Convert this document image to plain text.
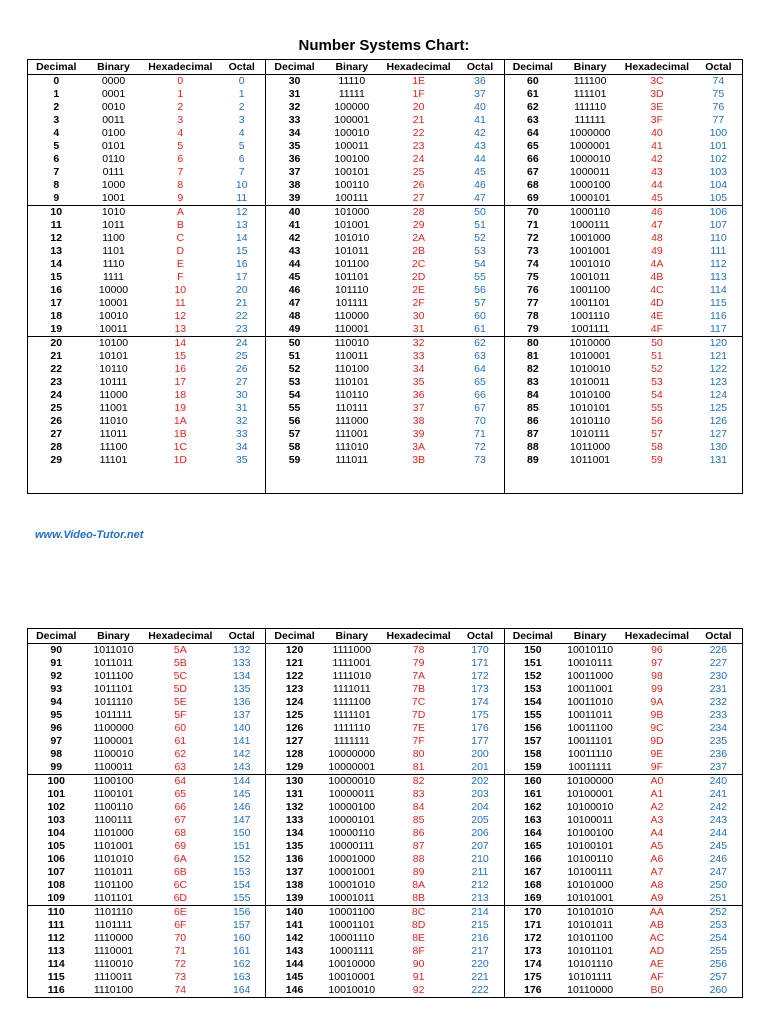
Number Systems Chart:
Decimal	Binary	Hexadecimal	Octal	Decimal	Binary	Hexadecimal	Octal	Decimal	Binary	Hexadecimal	Octal
0	0000	0	0	30	11110	1E	36	60	111100	3C	74
1	0001	1	1	31	11111	1F	37	61	111101	3D	75
2	0010	2	2	32	100000	20	40	62	111110	3E	76
3	0011	3	3	33	100001	21	41	63	111111	3F	77
4	0100	4	4	34	100010	22	42	64	1000000	40	100
5	0101	5	5	35	100011	23	43	65	1000001	41	101
6	0110	6	6	36	100100	24	44	66	1000010	42	102
7	0111	7	7	37	100101	25	45	67	1000011	43	103
8	1000	8	10	38	100110	26	46	68	1000100	44	104
9	1001	9	11	39	100111	27	47	69	1000101	45	105
10	1010	A	12	40	101000	28	50	70	1000110	46	106
11	1011	B	13	41	101001	29	51	71	1000111	47	107
12	1100	C	14	42	101010	2A	52	72	1001000	48	110
13	1101	D	15	43	101011	2B	53	73	1001001	49	111
14	1110	E	16	44	101100	2C	54	74	1001010	4A	112
15	1111	F	17	45	101101	2D	55	75	1001011	4B	113
16	10000	10	20	46	101110	2E	56	76	1001100	4C	114
17	10001	11	21	47	101111	2F	57	77	1001101	4D	115
18	10010	12	22	48	110000	30	60	78	1001110	4E	116
19	10011	13	23	49	110001	31	61	79	1001111	4F	117
20	10100	14	24	50	110010	32	62	80	1010000	50	120
21	10101	15	25	51	110011	33	63	81	1010001	51	121
22	10110	16	26	52	110100	34	64	82	1010010	52	122
23	10111	17	27	53	110101	35	65	83	1010011	53	123
24	11000	18	30	54	110110	36	66	84	1010100	54	124
25	11001	19	31	55	110111	37	67	85	1010101	55	125
26	11010	1A	32	56	111000	38	70	86	1010110	56	126
27	11011	1B	33	57	111001	39	71	87	1010111	57	127
28	11100	1C	34	58	111010	3A	72	88	1011000	58	130
29	11101	1D	35	59	111011	3B	73	89	1011001	59	131

www.Video-Tutor.net
Decimal	Binary	Hexadecimal	Octal	Decimal	Binary	Hexadecimal	Octal	Decimal	Binary	Hexadecimal	Octal
90	1011010	5A	132	120	1111000	78	170	150	10010110	96	226
91	1011011	5B	133	121	1111001	79	171	151	10010111	97	227
92	1011100	5C	134	122	1111010	7A	172	152	10011000	98	230
93	1011101	5D	135	123	1111011	7B	173	153	10011001	99	231
94	1011110	5E	136	124	1111100	7C	174	154	10011010	9A	232
95	1011111	5F	137	125	1111101	7D	175	155	10011011	9B	233
96	1100000	60	140	126	1111110	7E	176	156	10011100	9C	234
97	1100001	61	141	127	1111111	7F	177	157	10011101	9D	235
98	1100010	62	142	128	10000000	80	200	158	10011110	9E	236
99	1100011	63	143	129	10000001	81	201	159	10011111	9F	237
100	1100100	64	144	130	10000010	82	202	160	10100000	A0	240
101	1100101	65	145	131	10000011	83	203	161	10100001	A1	241
102	1100110	66	146	132	10000100	84	204	162	10100010	A2	242
103	1100111	67	147	133	10000101	85	205	163	10100011	A3	243
104	1101000	68	150	134	10000110	86	206	164	10100100	A4	244
105	1101001	69	151	135	10000111	87	207	165	10100101	A5	245
106	1101010	6A	152	136	10001000	88	210	166	10100110	A6	246
107	1101011	6B	153	137	10001001	89	211	167	10100111	A7	247
108	1101100	6C	154	138	10001010	8A	212	168	10101000	A8	250
109	1101101	6D	155	139	10001011	8B	213	169	10101001	A9	251
110	1101110	6E	156	140	10001100	8C	214	170	10101010	AA	252
111	1101111	6F	157	141	10001101	8D	215	171	10101011	AB	253
112	1110000	70	160	142	10001110	8E	216	172	10101100	AC	254
113	1110001	71	161	143	10001111	8F	217	173	10101101	AD	255
114	1110010	72	162	144	10010000	90	220	174	10101110	AE	256
115	1110011	73	163	145	10010001	91	221	175	10101111	AF	257
116	1110100	74	164	146	10010010	92	222	176	10110000	B0	260
